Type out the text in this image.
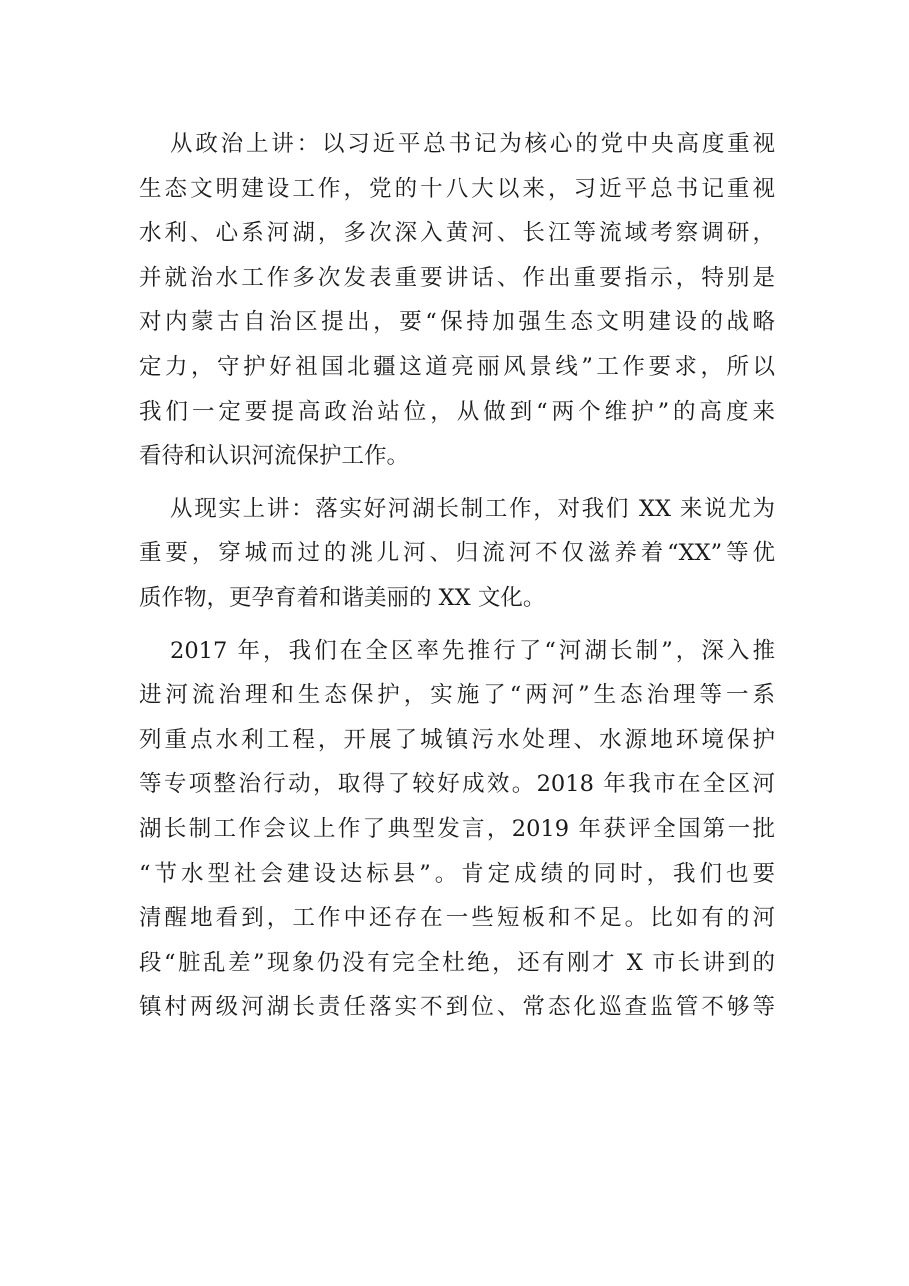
从政治上讲：以习近平总书记为核心的党中央高度重视
生态文明建设工作，党的十八大以来，习近平总书记重视
水利、心系河湖，多次深入黄河、长江等流域考察调研，
并就治水工作多次发表重要讲话、作出重要指示，特别是
对内蒙古自治区提出，要“保持加强生态文明建设的战略
定力，守护好祖国北疆这道亮丽风景线”工作要求，所以
我们一定要提高政治站位，从做到“两个维护”的高度来
看待和认识河流保护工作。

从现实上讲：落实好河湖长制工作，对我们 XX 来说尤为
重要，穿城而过的洮儿河、归流河不仅滋养着“XX”等优
质作物，更孕育着和谐美丽的 XX 文化。

2017 年，我们在全区率先推行了“河湖长制”，深入推
进河流治理和生态保护，实施了“两河”生态治理等一系
列重点水利工程，开展了城镇污水处理、水源地环境保护
等专项整治行动，取得了较好成效。2018 年我市在全区河
湖长制工作会议上作了典型发言，2019 年获评全国第一批
“节水型社会建设达标县”。肯定成绩的同时，我们也要
清醒地看到，工作中还存在一些短板和不足。比如有的河
段“脏乱差”现象仍没有完全杜绝，还有刚才 X 市长讲到的
镇村两级河湖长责任落实不到位、常态化巡查监管不够等
